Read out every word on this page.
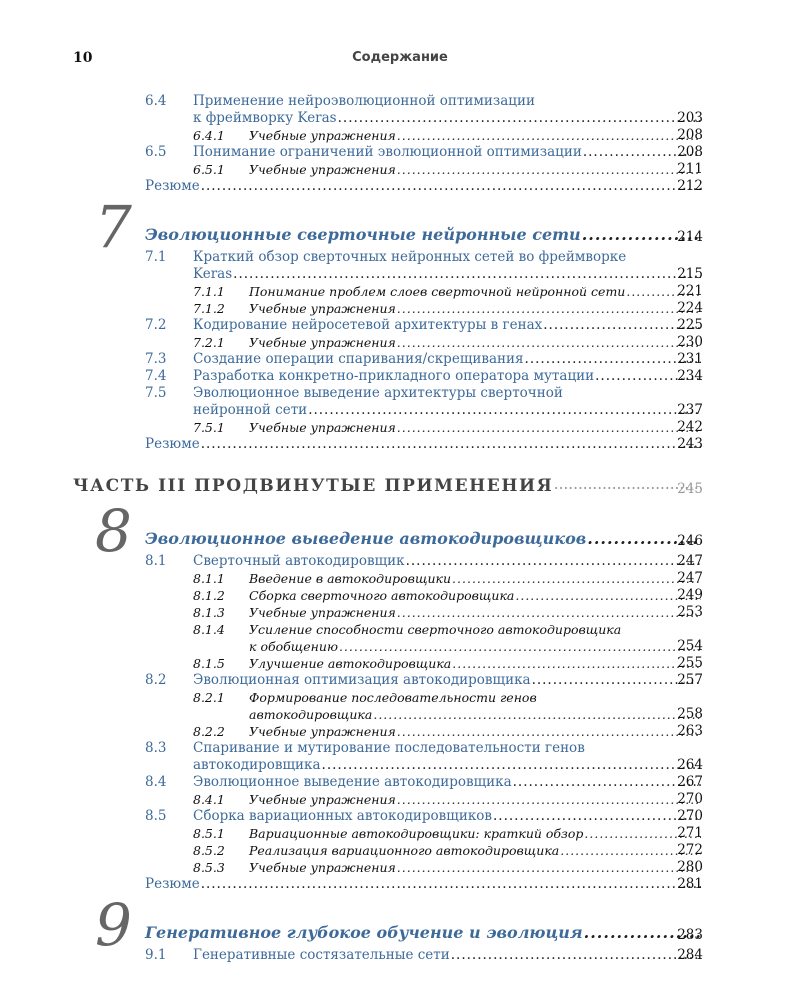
10	Содержание
6.4 Применение нейроэволюционной оптимизации
к фреймворку Keras .....	203
6.4.1 Учебные упражнения .....	208
6.5 Понимание ограничений эволюционной оптимизации .....	208
6.5.1 Учебные упражнения .....	211
Резюме .....	212
7 Эволюционные сверточные нейронные сети .....	214
7.1 Краткий обзор сверточных нейронных сетей во фреймворке
Keras .....	215
7.1.1 Понимание проблем слоев сверточной нейронной сети .....	221
7.1.2 Учебные упражнения .....	224
7.2 Кодирование нейросетевой архитектуры в генах .....	225
7.2.1 Учебные упражнения .....	230
7.3 Создание операции спаривания/скрещивания .....	231
7.4 Разработка конкретно-прикладного оператора мутации .....	234
7.5 Эволюционное выведение архитектуры сверточной
нейронной сети .....	237
7.5.1 Учебные упражнения .....	242
Резюме .....	243
ЧАСТЬ III ПРОДВИНУТЫЕ ПРИМЕНЕНИЯ .....	245
8 Эволюционное выведение автокодировщиков .....	246
8.1 Сверточный автокодировщик .....	247
8.1.1 Введение в автокодировщики .....	247
8.1.2 Сборка сверточного автокодировщика .....	249
8.1.3 Учебные упражнения .....	253
8.1.4 Усиление способности сверточного автокодировщика
к обобщению .....	254
8.1.5 Улучшение автокодировщика .....	255
8.2 Эволюционная оптимизация автокодировщика .....	257
8.2.1 Формирование последовательности генов
автокодировщика .....	258
8.2.2 Учебные упражнения .....	263
8.3 Спаривание и мутирование последовательности генов
автокодировщика .....	264
8.4 Эволюционное выведение автокодировщика .....	267
8.4.1 Учебные упражнения .....	270
8.5 Сборка вариационных автокодировщиков .....	270
8.5.1 Вариационные автокодировщики: краткий обзор .....	271
8.5.2 Реализация вариационного автокодировщика .....	272
8.5.3 Учебные упражнения .....	280
Резюме .....	281
9 Генеративное глубокое обучение и эволюция .....	283
9.1 Генеративные состязательные сети .....	284
